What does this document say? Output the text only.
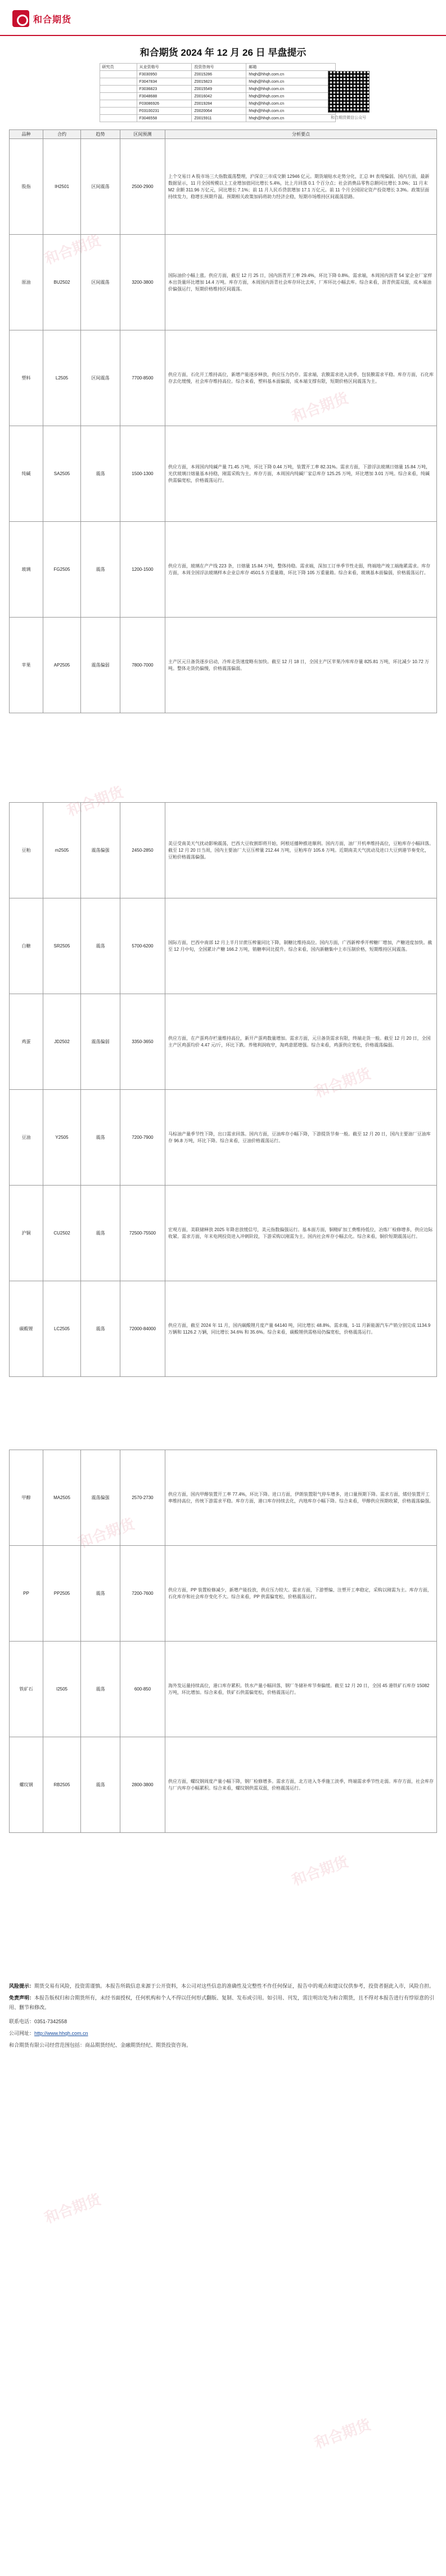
和合期货
和合期货
和合期货
和合期货
和合期货
和合期货
和合期货
和合期货
和合期货
和合期货 2024 年 12 月 26 日 早盘提示
研究员	从业资格号	投资咨询号	邮箱
	F3030950	Z0015286	hhqh@hhqh.com.cn
	F3047834	Z0015823	hhqh@hhqh.com.cn
	F3036823	Z0015549	hhqh@hhqh.com.cn
	F3048688	Z0016042	hhqh@hhqh.com.cn
	F03086926	Z0019284	hhqh@hhqh.com.cn
	F03100231	Z0020064	hhqh@hhqh.com.cn
	F3046558	Z0015911	hhqh@hhqh.com.cn	和合期货微信公众号
品种	合约	趋势	区间预测	分析要点
股指	IH2501	区间震荡	2500-2900	上个交易日 A 股市场三大指数震荡整理，沪深京三市成交额 12946 亿元。期货端贴水走势分化，汇总 IH 表现偏弱。国内方面，最新数据显示，11 月全国规模以上工业增加值同比增长 5.4%，比上月回落 0.1 个百分点；社会消费品零售总额同比增长 3.0%；11 月末 M2 余额 311.96 万亿元，同比增长 7.1%；前 11 月人民币贷款增加 17.1 万亿元。前 11 个月全国固定资产投资增长 3.3%。政策层面持续发力，稳增长预期升温。预期相关政策加码将助力经济企稳，短期市场维持区间震荡思路。
原油	BU2502	区间震荡	3200-3800	国际油价小幅上涨。供应方面，截至 12 月 25 日，国内沥青开工率 29.4%，环比下降 0.8%。需求端，本周国内沥青 54 家企业厂家样本出货量环比增加 14.4 万吨。库存方面，本周国内沥青社会库存环比去库，厂库环比小幅去库。综合来看，沥青供需双弱，成本端油价偏强运行，短期价格维持区间震荡。
塑料	L2505	区间震荡	7700-8500	供应方面，石化开工维持高位，新增产能逐步释放，供应压力仍存。需求端，农膜需求进入淡季，包装膜需求平稳。库存方面，石化库存去化缓慢，社会库存维持高位。综合来看，塑料基本面偏弱，成本端支撑有限，短期价格区间震荡为主。
纯碱	SA2505	震荡	1500-1300	供应方面，本周国内纯碱产量 71.45 万吨，环比下降 0.44 万吨，装置开工率 82.31%。需求方面，下游浮法玻璃日熔量 15.84 万吨，光伏玻璃日熔量基本持稳，刚需采购为主。库存方面，本周国内纯碱厂家总库存 125.25 万吨，环比增加 3.01 万吨。综合来看，纯碱供需偏宽松，价格震荡运行。
玻璃	FG2505	震荡	1200-1500	供应方面，玻璃在产产线 223 条，日熔量 15.84 万吨，整体持稳。需求端，深加工订单季节性走弱，终端地产竣工端拖累需求。库存方面，本周全国浮法玻璃样本企业总库存 4501.5 万重量箱，环比下降 105 万重量箱。综合来看，玻璃基本面偏弱，价格震荡运行。
苹果	AP2505	震荡偏弱	7800-7000	主产区元旦备货逐步启动，冷库走货速度略有加快。截至 12 月 18 日，全国主产区苹果冷库库存量 825.81 万吨，环比减少 10.72 万吨。整体走货仍偏慢，价格震荡偏弱。
豆粕	m2505	震荡偏强	2450-2850	美豆受南美天气扰动影响震荡，巴西大豆收割即将开始，阿根廷播种推进顺利。国内方面，油厂开机率维持高位，豆粕库存小幅回落。截至 12 月 20 日当周，国内主要油厂大豆压榨量 212.44 万吨，豆粕库存 105.6 万吨。近期南美天气扰动及进口大豆到港节奏变化，豆粕价格震荡偏强。
白糖	SR2505	震荡	5700-6200	国际方面，巴西中南部 12 月上半月甘蔗压榨量同比下降，制糖比维持高位。国内方面，广西新榨季开榨糖厂增加，产糖进度加快。截至 12 月中旬，全国累计产糖 166.2 万吨，销糖率同比提升。综合来看，国内新糖集中上市压制价格，短期维持区间震荡。
鸡蛋	JD2502	震荡偏弱	3350-3650	供应方面，在产蛋鸡存栏量维持高位，新开产蛋鸡数量增加。需求方面，元旦备货需求有限，终端走货一般。截至 12 月 20 日，全国主产区鸡蛋均价 4.47 元/斤，环比下跌。养殖利润收窄，淘鸡意愿增强。综合来看，鸡蛋供应宽松，价格震荡偏弱。
豆油	Y2505	震荡	7200-7900	马棕油产量季节性下降，出口需求回落。国内方面，豆油库存小幅下降，下游提货节奏一般。截至 12 月 20 日，国内主要油厂豆油库存 96.8 万吨，环比下降。综合来看，豆油价格震荡运行。
沪铜	CU2502	震荡	72500-75500	宏观方面，美联储释放 2025 年降息放缓信号，美元指数偏强运行。基本面方面，铜精矿加工费维持低位，冶炼厂检修增多，供应边际收紧。需求方面，年末电网投资进入冲刺阶段，下游采购以刚需为主。国内社会库存小幅去化。综合来看，铜价短期震荡运行。
碳酸锂	LC2505	震荡	72000-84000	供应方面，截至 2024 年 11 月，国内碳酸锂月度产量 64140 吨，同比增长 48.8%。需求端，1-11 月新能源汽车产销分别完成 1134.9 万辆和 1126.2 万辆，同比增长 34.6% 和 35.6%。综合来看，碳酸锂供需格局仍偏宽松，价格震荡运行。
甲醇	MA2505	震荡偏强	2570-2730	供应方面，国内甲醇装置开工率 77.4%，环比下降。进口方面，伊朗装置限气停车增多，进口量预期下降。需求方面，烯烃装置开工率维持高位，传统下游需求平稳。库存方面，港口库存持续去化，内地库存小幅下降。综合来看，甲醇供应预期收紧，价格震荡偏强。
PP	PP2505	震荡	7200-7600	供应方面，PP 装置检修减少，新增产能投放，供应压力较大。需求方面，下游塑编、注塑开工率稳定，采购以刚需为主。库存方面，石化库存和社会库存变化不大。综合来看，PP 供需偏宽松，价格震荡运行。
铁矿石	I2505	震荡	600-850	海外发运量持续高位，港口库存累积。铁水产量小幅回落，钢厂冬储补库节奏偏缓。截至 12 月 20 日，全国 45 港铁矿石库存 15082 万吨，环比增加。综合来看，铁矿石供需偏宽松，价格震荡运行。
螺纹钢	RB2505	震荡	2800-3800	供应方面，螺纹钢周度产量小幅下降，钢厂检修增多。需求方面，北方进入冬季施工淡季，终端需求季节性走弱。库存方面，社会库存与厂内库存小幅累积。综合来看，螺纹钢供需双弱，价格震荡运行。

风险提示：期货交易有风险，投资需谨慎。本报告所载信息来源于公开资料，本公司对这些信息的准确性及完整性不作任何保证，报告中的观点和建议仅供参考，投资者据此入市，风险自担。

免责声明：本报告版权归和合期货所有，未经书面授权，任何机构和个人不得以任何形式翻版、复制、发布或引用。如引用、刊发，需注明出处为和合期货，且不得对本报告进行有悖原意的引用、删节和修改。

联系电话：0351-7342558

公司网址：http://www.hhqh.com.cn

和合期货有限公司经营范围包括：商品期货经纪、金融期货经纪、期货投资咨询。
